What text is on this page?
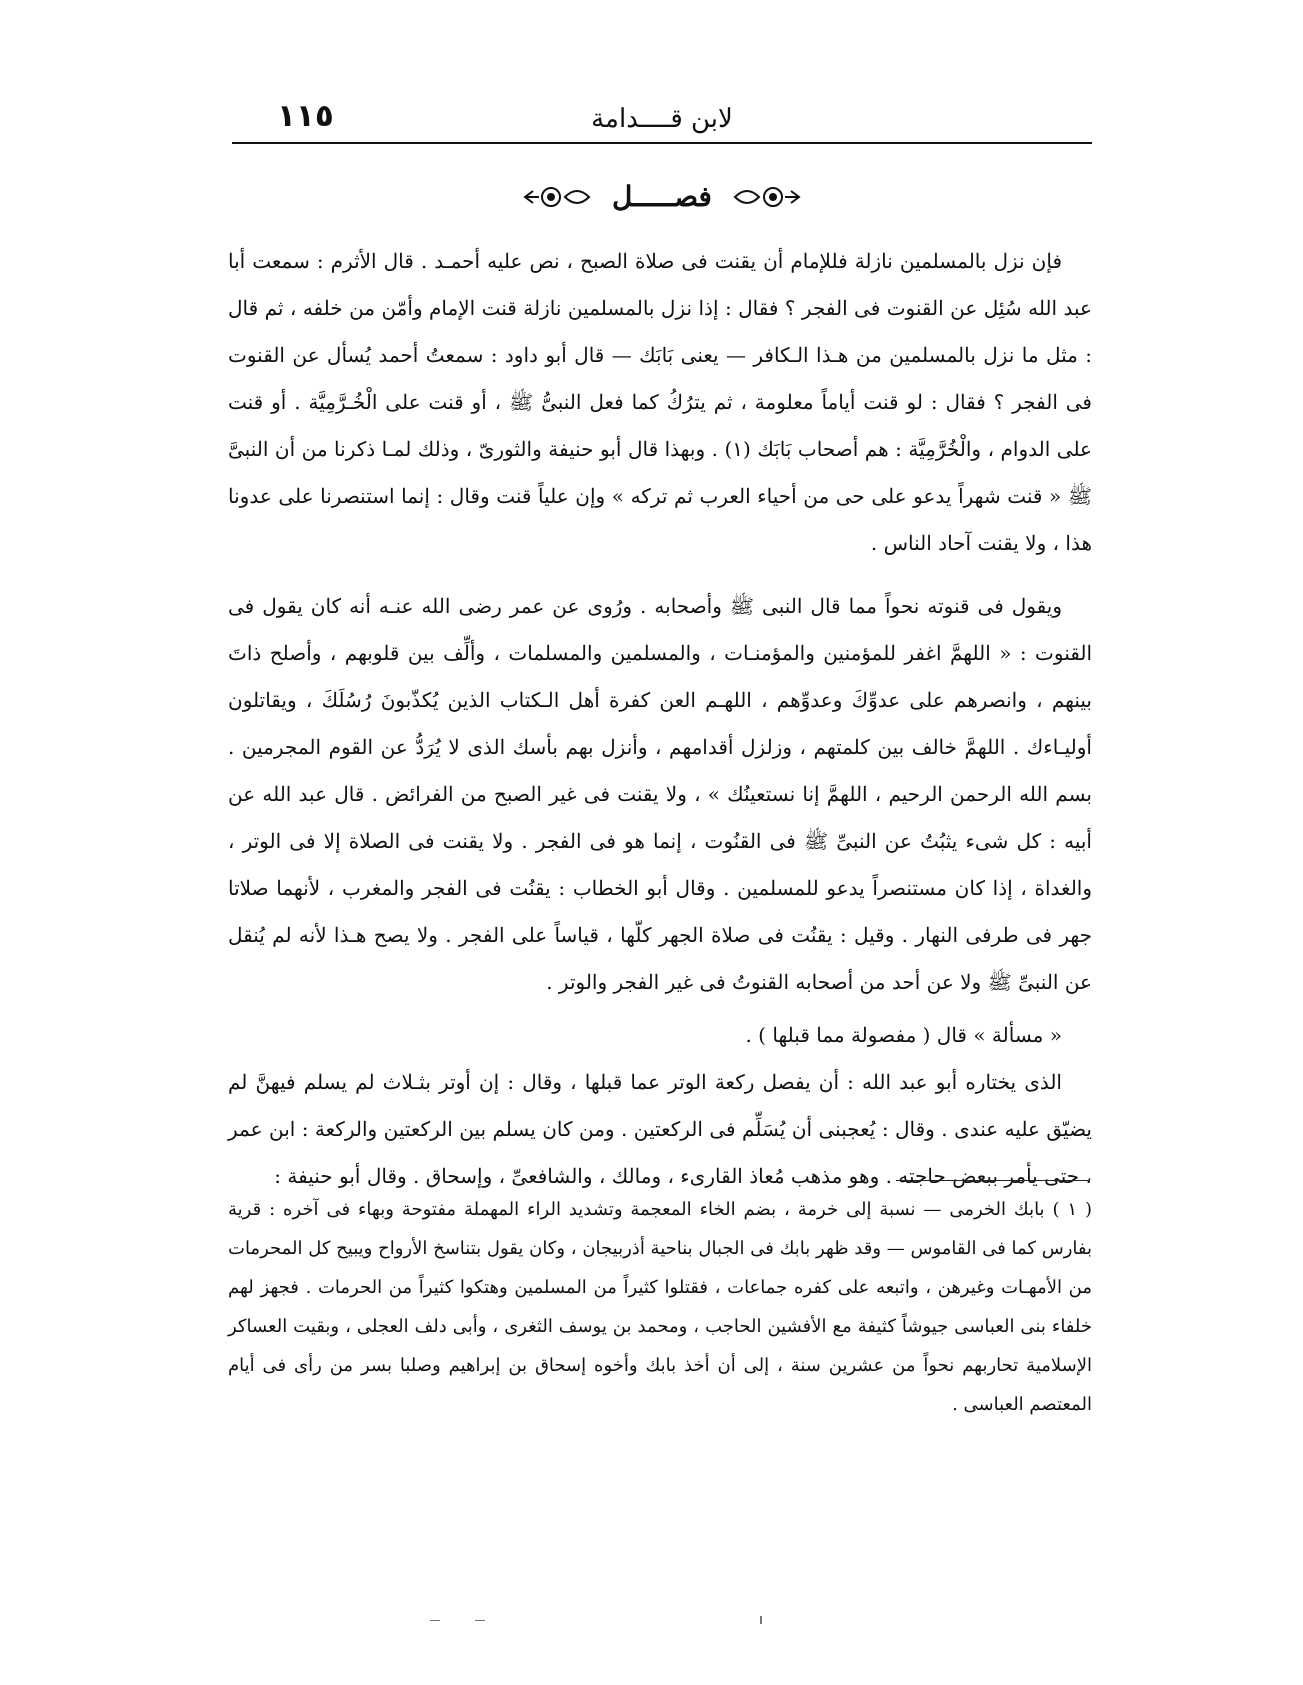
١١٥	لابن قــــدامة
فصـــــل

فإن نزل بالمسلمين نازلة فللإمام أن يقنت فى صلاة الصبح ، نص عليه أحمـد . قال الأثرم : سمعت أبا عبد الله سُئِل عن القنوت فى الفجر ؟ فقال : إذا نزل بالمسلمين نازلة قنت الإمام وأمّن من خلفه ، ثم قال : مثل ما نزل بالمسلمين من هـذا الـكافر — يعنى بَابَك — قال أبو داود : سمعتُ أحمد يُسأل عن القنوت فى الفجر ؟ فقال : لو قنت أياماً معلومة ، ثم يترُكُ كما فعل النبىُّ ﷺ ، أو قنت على الْخُـرَّمِيَّة . أو قنت على الدوام ، والْخُرَّمِيَّة : هم أصحاب بَابَك (١) . وبهذا قال أبو حنيفة والثورىّ ، وذلك لمـا ذكرنا من أن النبىَّ ﷺ « قنت شهراً يدعو على حى من أحياء العرب ثم تركه » وإن علياً قنت وقال : إنما استنصرنا على عدونا هذا ، ولا يقنت آحاد الناس .

ويقول فى قنوته نحواً مما قال النبى ﷺ وأصحابه . ورُوى عن عمر رضى الله عنـه أنه كان يقول فى القنوت : « اللهمَّ اغفر للمؤمنين والمؤمنـات ، والمسلمين والمسلمات ، وألِّف بين قلوبهم ، وأصلح ذاتَ بينهم ، وانصرهم على عدوِّكَ وعدوِّهم ، اللهـم العن كفرة أهل الـكتاب الذين يُكذّبونَ رُسُلَكَ ، ويقاتلون أوليـاءك . اللهمَّ خالف بين كلمتهم ، وزلزل أقدامهم ، وأنزل بهم بأسك الذى لا يُرَدُّ عن القوم المجرمين . بسم الله الرحمن الرحيم ، اللهمَّ إنا نستعينُك » ، ولا يقنت فى غير الصبح من الفرائض . قال عبد الله عن أبيه : كل شىء يثبُتُ عن النبىِّ ﷺ فى القنُوت ، إنما هو فى الفجر . ولا يقنت فى الصلاة إلا فى الوتر ، والغداة ، إذا كان مستنصراً يدعو للمسلمين . وقال أبو الخطاب : يقنُت فى الفجر والمغرب ، لأنهما صلاتا جهر فى طرفى النهار . وقيل : يقنُت فى صلاة الجهر كلّها ، قياساً على الفجر . ولا يصح هـذا لأنه لم يُنقل عن النبىِّ ﷺ ولا عن أحد من أصحابه القنوتُ فى غير الفجر والوتر .

« مسألة » قال ( مفصولة مما قبلها ) .

الذى يختاره أبو عبد الله : أن يفصل ركعة الوتر عما قبلها ، وقال : إن أوتر بثـلاث لم يسلم فيهنَّ لم يضيّق عليه عندى . وقال : يُعجبنى أن يُسَلِّم فى الركعتين . ومن كان يسلم بين الركعتين والركعة : ابن عمر ، حتى يأمر ببعض حاجته . وهو مذهب مُعاذ القارىء ، ومالك ، والشافعىِّ ، وإسحاق . وقال أبو حنيفة :

( ١ ) بابك الخرمى — نسبة إلى خرمة ، بضم الخاء المعجمة وتشديد الراء المهملة مفتوحة وبهاء فى آخره : قرية بفارس كما فى القاموس — وقد ظهر بابك فى الجبال بناحية أذربيجان ، وكان يقول بتناسخ الأرواح ويبيح كل المحرمات من الأمهـات وغيرهن ، واتبعه على كفره جماعات ، فقتلوا كثيراً من المسلمين وهتكوا كثيراً من الحرمات . فجهز لهم خلفاء بنى العباسى جيوشاً كثيفة مع الأفشين الحاجب ، ومحمد بن يوسف الثغرى ، وأبى دلف العجلى ، وبقيت العساكر الإسلامية تحاربهم نحواً من عشرين سنة ، إلى أن أخذ بابك وأخوه إسحاق بن إبراهيم وصلبا بسر من رأى فى أيام المعتصم العباسى .
